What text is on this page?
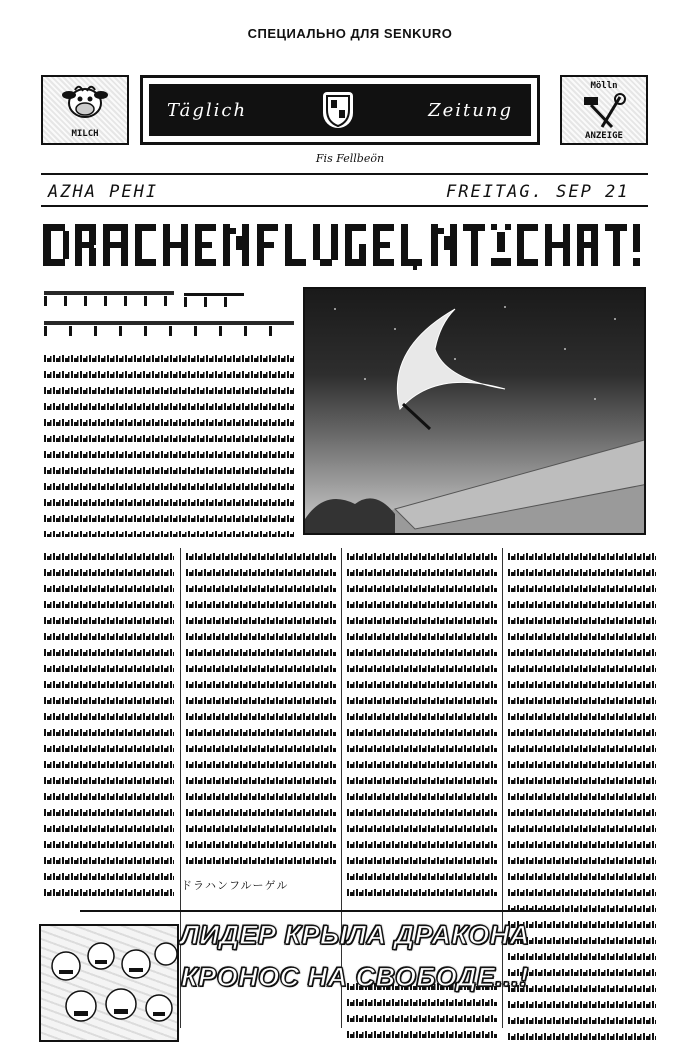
СПЕЦИАЛЬНО ДЛЯ SENKURO
MILCH
Täglich	Zeitung
Mölln
ANZEIGE
Fis Fellbeön
AZHA PEHI	FREITAG. SEP 21
ドラハンフルーゲル
ЛИДЕР КРЫЛА ДРАКОНА
КРОНОС НА СВОБОДЕ...!
